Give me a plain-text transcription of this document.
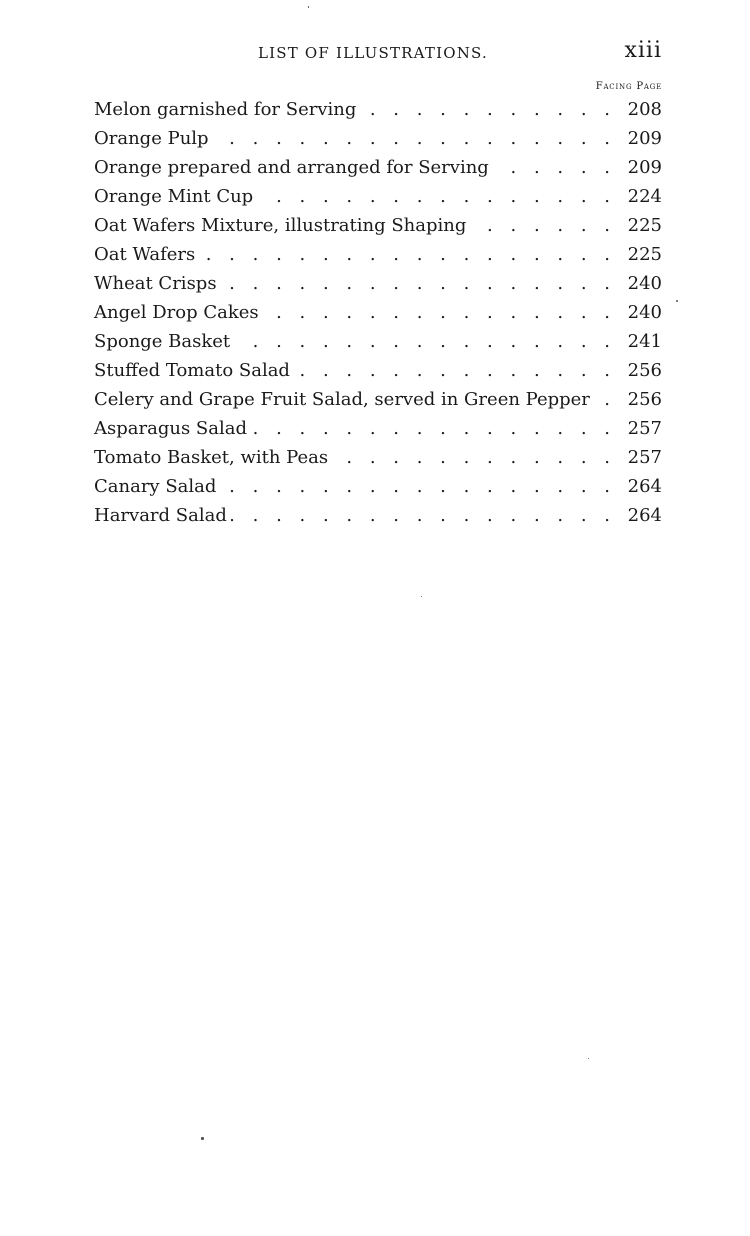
LIST OF ILLUSTRATIONS.	xiii
Facing Page
Melon garnished for Serving . . .	208
Orange Pulp . . .	209
Orange prepared and arranged for Serving . . .	209
Orange Mint Cup . . .	224
Oat Wafers Mixture, illustrating Shaping . . .	225
Oat Wafers . . .	225
Wheat Crisps . . .	240
Angel Drop Cakes . . .	240
Sponge Basket . . .	241
Stuffed Tomato Salad . . .	256
Celery and Grape Fruit Salad, served in Green Pepper . . .	256
Asparagus Salad . . .	257
Tomato Basket, with Peas . . .	257
Canary Salad . . .	264
Harvard Salad . . .	264
